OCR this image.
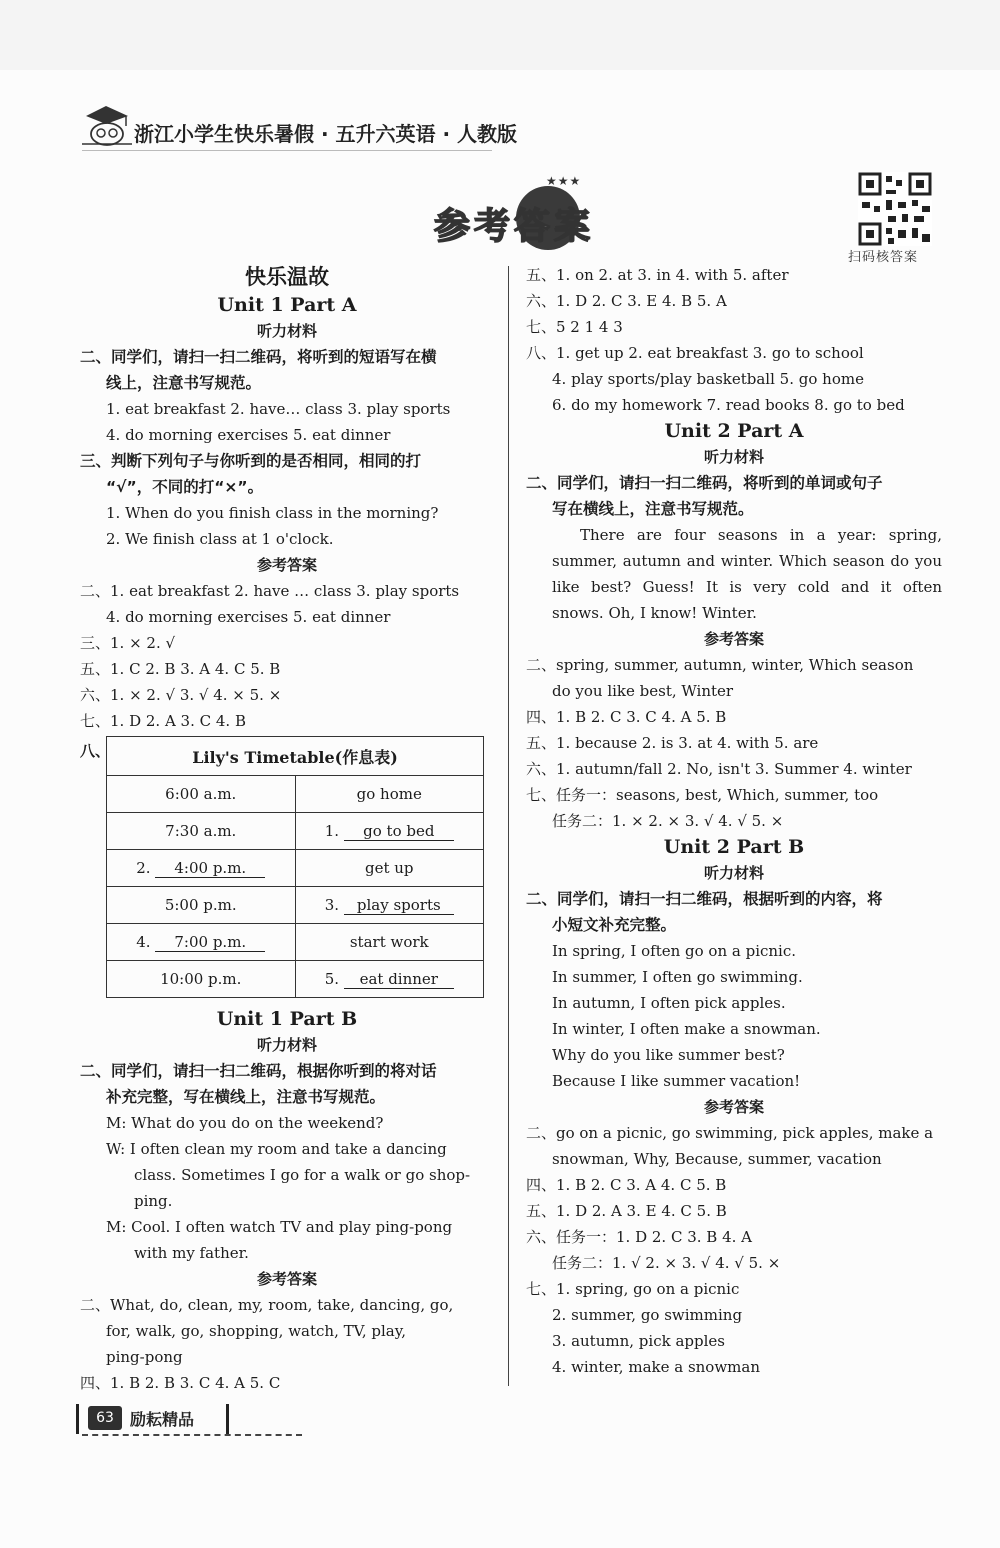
浙江小学生快乐暑假 · 五升六英语 · 人教版
★★★
参 考 答 案
扫码核答案
快乐温故
Unit 1 Part A
听力材料
二、同学们，请扫一扫二维码，将听到的短语写在横
线上，注意书写规范。
1. eat breakfast 2. have… class 3. play sports
4. do morning exercises 5. eat dinner
三、判断下列句子与你听到的是否相同，相同的打
“√”，不同的打“×”。
1. When do you finish class in the morning?
2. We finish class at 1 o'clock.
参考答案
二、1. eat breakfast 2. have … class 3. play sports
4. do morning exercises 5. eat dinner
三、1. × 2. √
五、1. C 2. B 3. A 4. C 5. B
六、1. × 2. √ 3. √ 4. × 5. ×
七、1. D 2. A 3. C 4. B
八、	Lily's Timetable(作息表)	
6:00 a.m.	go home
7:30 a.m.	1. go to bed
2. 4:00 p.m.	get up
5:00 p.m.	3. play sports
4. 7:00 p.m.	start work
10:00 p.m.	5. eat dinner
Unit 1 Part B
听力材料
二、同学们，请扫一扫二维码，根据你听到的将对话
补充完整，写在横线上，注意书写规范。
M: What do you do on the weekend?
W: I often clean my room and take a dancing
class. Sometimes I go for a walk or go shop-
ping.
M: Cool. I often watch TV and play ping-pong
with my father.
参考答案
二、What, do, clean, my, room, take, dancing, go,
for, walk, go, shopping, watch, TV, play,
ping-pong
四、1. B 2. B 3. C 4. A 5. C
五、1. on 2. at 3. in 4. with 5. after
六、1. D 2. C 3. E 4. B 5. A
七、5 2 1 4 3
八、1. get up 2. eat breakfast 3. go to school
4. play sports/play basketball 5. go home
6. do my homework 7. read books 8. go to bed
Unit 2 Part A
听力材料
二、同学们，请扫一扫二维码，将听到的单词或句子
写在横线上，注意书写规范。
There are four seasons in a year: spring,
summer, autumn and winter. Which season do you
like best? Guess! It is very cold and it often
snows. Oh, I know! Winter.
参考答案
二、spring, summer, autumn, winter, Which season
do you like best, Winter
四、1. B 2. C 3. C 4. A 5. B
五、1. because 2. is 3. at 4. with 5. are
六、1. autumn/fall 2. No, isn't 3. Summer 4. winter
七、任务一：seasons, best, Which, summer, too
任务二：1. × 2. × 3. √ 4. √ 5. ×
Unit 2 Part B
听力材料
二、同学们，请扫一扫二维码，根据听到的内容，将
小短文补充完整。
In spring, I often go on a picnic.
In summer, I often go swimming.
In autumn, I often pick apples.
In winter, I often make a snowman.
Why do you like summer best?
Because I like summer vacation!
参考答案
二、go on a picnic, go swimming, pick apples, make a
snowman, Why, Because, summer, vacation
四、1. B 2. C 3. A 4. C 5. B
五、1. D 2. A 3. E 4. C 5. B
六、任务一：1. D 2. C 3. B 4. A
任务二：1. √ 2. × 3. √ 4. √ 5. ×
七、1. spring, go on a picnic
2. summer, go swimming
3. autumn, pick apples
4. winter, make a snowman
63	励耘精品
